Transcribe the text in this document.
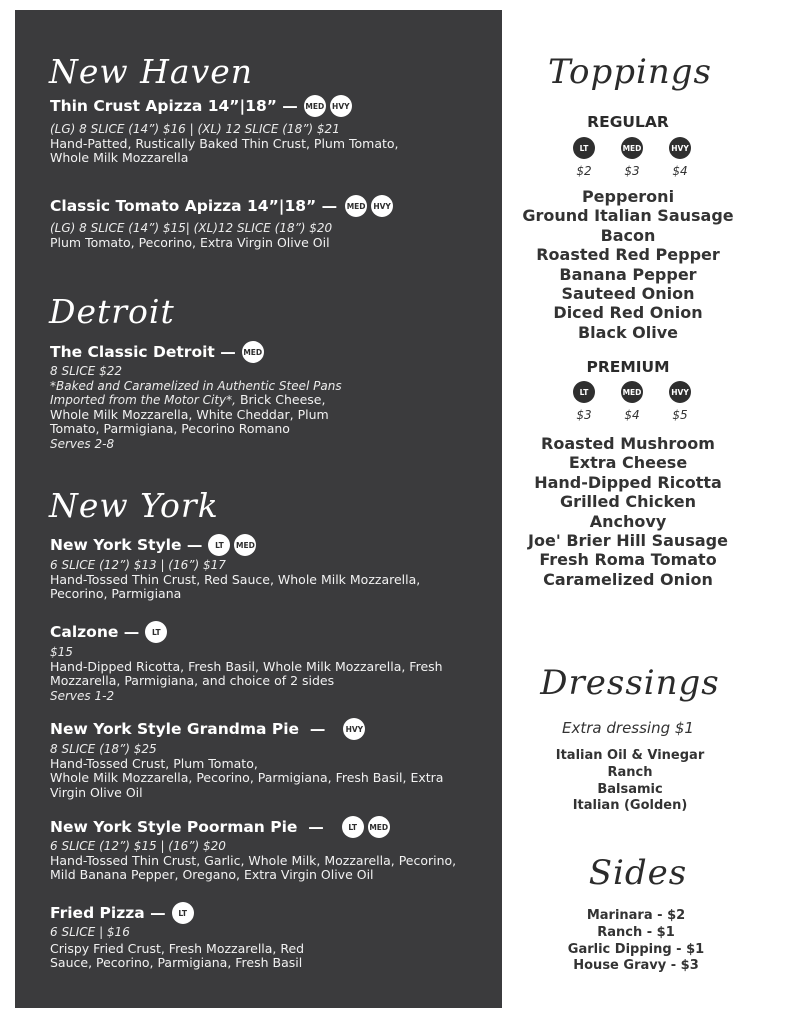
New Haven
Thin Crust Apizza 14”|18” — MED HVY
(LG) 8 SLICE (14”) $16 | (XL) 12 SLICE (18”) $21
Hand-Patted, Rustically Baked Thin Crust, Plum Tomato,
Whole Milk Mozzarella
Classic Tomato Apizza 14”|18” — MED HVY
(LG) 8 SLICE (14”) $15| (XL)12 SLICE (18”) $20
Plum Tomato, Pecorino, Extra Virgin Olive Oil
Detroit
The Classic Detroit — MED
8 SLICE $22
*Baked and Caramelized in Authentic Steel Pans
Imported from the Motor City*, Brick Cheese,
Whole Milk Mozzarella, White Cheddar, Plum
Tomato, Parmigiana, Pecorino Romano
Serves 2-8
New York
New York Style —	LT	MED
6 SLICE (12”) $13 | (16”) $17
Hand-Tossed Thin Crust, Red Sauce, Whole Milk Mozzarella,
Pecorino, Parmigiana
Calzone —	LT
$15
Hand-Dipped Ricotta, Fresh Basil, Whole Milk Mozzarella, Fresh
Mozzarella, Parmigiana, and choice of 2 sides
Serves 1-2
New York Style Grandma Pie  —	HVY
8 SLICE (18”) $25
Hand-Tossed Crust, Plum Tomato,
Whole Milk Mozzarella, Pecorino, Parmigiana, Fresh Basil, Extra
Virgin Olive Oil
New York Style Poorman Pie  —	LT	MED
6 SLICE (12”) $15 | (16”) $20
Hand-Tossed Thin Crust, Garlic, Whole Milk, Mozzarella, Pecorino,
Mild Banana Pepper, Oregano, Extra Virgin Olive Oil
Fried Pizza —	LT
6 SLICE | $16
Crispy Fried Crust, Fresh Mozzarella, Red
Sauce, Pecorino, Parmigiana, Fresh Basil
Toppings
REGULAR
LT
$2
MED
$3
HVY
$4
Pepperoni
Ground Italian Sausage
Bacon
Roasted Red Pepper
Banana Pepper
Sauteed Onion
Diced Red Onion
Black Olive
PREMIUM
LT
$3
MED
$4
HVY
$5
Roasted Mushroom
Extra Cheese
Hand-Dipped Ricotta
Grilled Chicken
Anchovy
Joe' Brier Hill Sausage
Fresh Roma Tomato
Caramelized Onion
Dressings
Extra dressing $1
Italian Oil & Vinegar
Ranch
Balsamic
Italian (Golden)
Sides
Marinara - $2
Ranch - $1
Garlic Dipping - $1
House Gravy - $3
